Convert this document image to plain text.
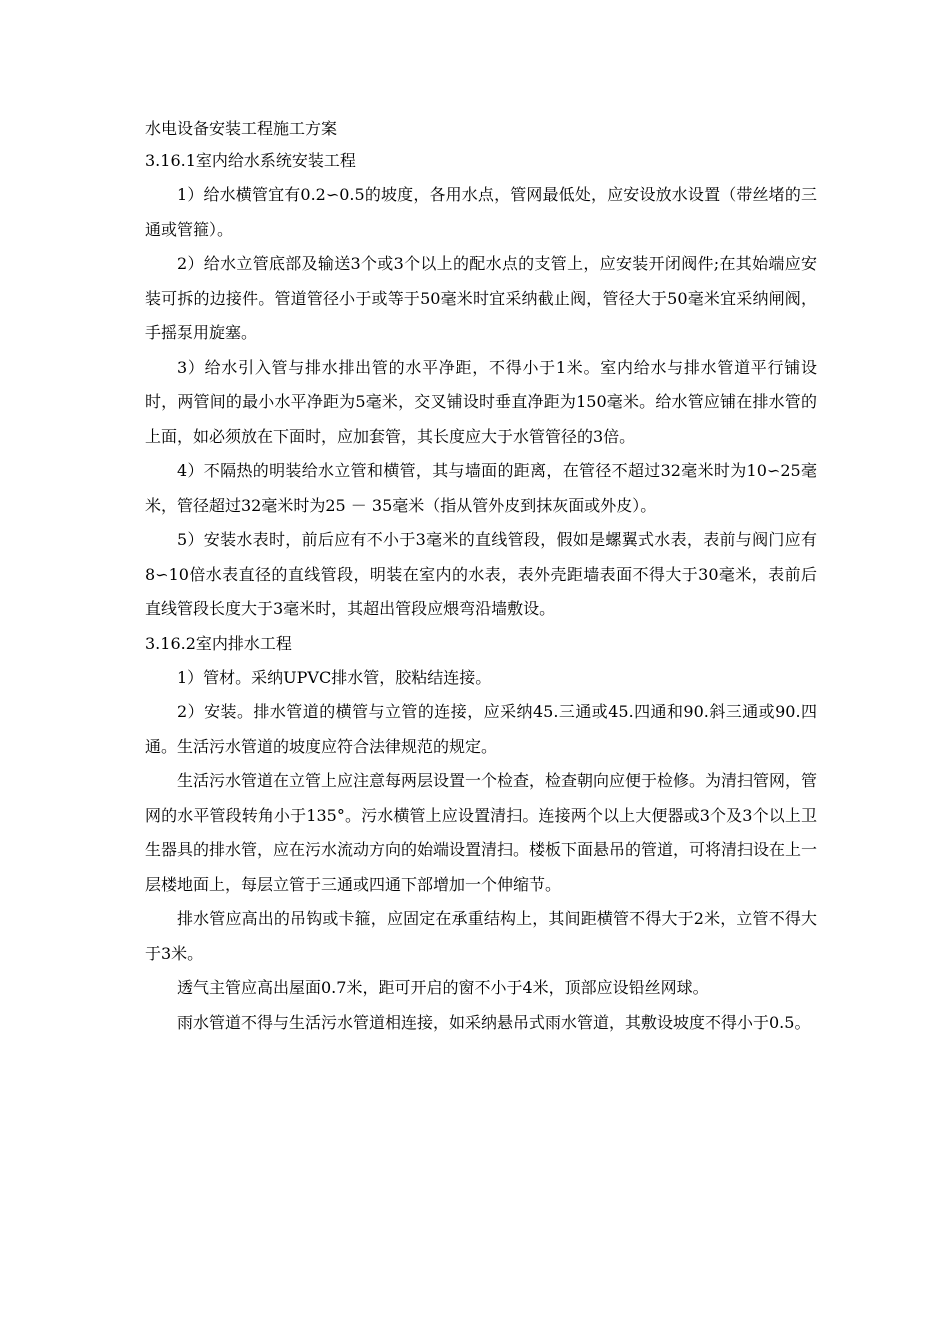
水电设备安装工程施工方案

3.16.1室内给水系统安装工程

1）给水横管宜有0.2∽0.5的坡度，各用水点，管网最低处，应安设放水设置（带丝堵的三通或管箍）。

2）给水立管底部及输送3个或3个以上的配水点的支管上，应安装开闭阀件;在其始端应安装可拆的边接件。管道管径小于或等于50毫米时宜采纳截止阀，管径大于50毫米宜采纳闸阀，手摇泵用旋塞。

3）给水引入管与排水排出管的水平净距，不得小于1米。室内给水与排水管道平行铺设时，两管间的最小水平净距为5毫米，交叉铺设时垂直净距为150毫米。给水管应铺在排水管的上面，如必须放在下面时，应加套管，其长度应大于水管管径的3倍。

4）不隔热的明装给水立管和横管，其与墙面的距离，在管径不超过32毫米时为10∽25毫米，管径超过32毫米时为25 － 35毫米（指从管外皮到抹灰面或外皮）。

5）安装水表时，前后应有不小于3毫米的直线管段，假如是螺翼式水表，表前与阀门应有8∽10倍水表直径的直线管段，明装在室内的水表，表外壳距墙表面不得大于30毫米，表前后直线管段长度大于3毫米时，其超出管段应煨弯沿墙敷设。

3.16.2室内排水工程

1）管材。采纳UPVC排水管，胶粘结连接。

2）安装。排水管道的横管与立管的连接，应采纳45.三通或45.四通和90.斜三通或90.四通。生活污水管道的坡度应符合法律规范的规定。

生活污水管道在立管上应注意每两层设置一个检查，检查朝向应便于检修。为清扫管网，管网的水平管段转角小于135°。污水横管上应设置清扫。连接两个以上大便器或3个及3个以上卫生器具的排水管，应在污水流动方向的始端设置清扫。楼板下面悬吊的管道，可将清扫设在上一层楼地面上，每层立管于三通或四通下部增加一个伸缩节。

排水管应高出的吊钩或卡箍，应固定在承重结构上，其间距横管不得大于2米，立管不得大于3米。

透气主管应高出屋面0.7米，距可开启的窗不小于4米，顶部应设铅丝网球。

雨水管道不得与生活污水管道相连接，如采纳悬吊式雨水管道，其敷设坡度不得小于0.5。
